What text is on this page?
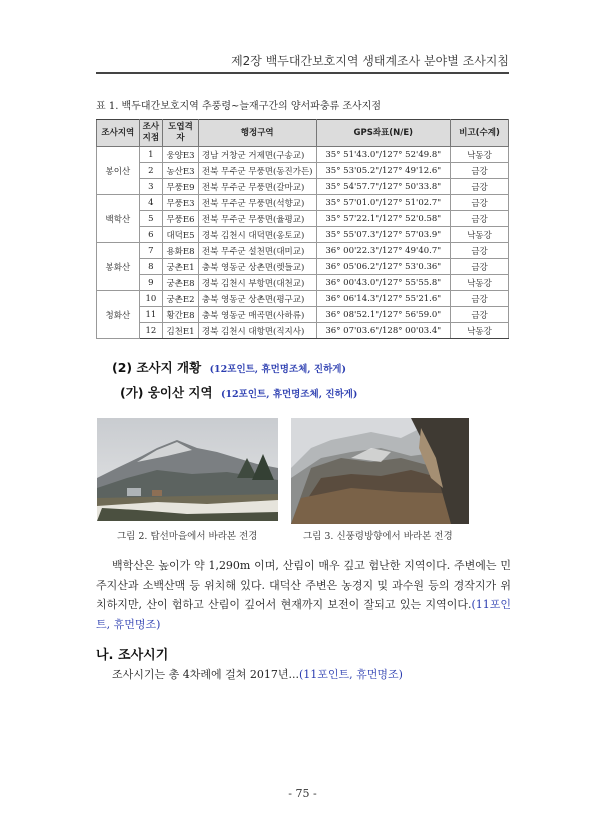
제2장 백두대간보호지역 생태계조사 분야별 조사지침
표 1. 백두대간보호지역 추풍령~늘재구간의 양서파충류 조사지점
조사지역	조사지점	도엽격자	행정구역	GPS좌표(N/E)	비고(수계)
봉이산	1	웅양E3	경남 거창군 거제면(구송교)	35° 51'43.0"/127° 52'49.8"	낙동강
	2	농산E3	전북 무주군 무풍면(동진가든)	35° 53'05.2"/127° 49'12.6"	금강
	3	무풍E9	전북 무주군 무풍면(갈마교)	35° 54'57.7"/127° 50'33.8"	금강
백학산	4	무풍E3	전북 무주군 무풍면(석향교)	35° 57'01.0"/127° 51'02.7"	금강
	5	무풍E6	전북 무주군 무풍면(율평교)	35° 57'22.1"/127° 52'0.58"	금강
	6	대덕E5	경북 김천시 대덕면(옹토교)	35° 55'07.3"/127° 57'03.9"	낙동강
봉화산	7	용화E8	전북 무주군 설천면(대미교)	36° 00'22.3"/127° 49'40.7"	금강
	8	궁촌E1	충북 영동군 상촌면(렛들교)	36° 05'06.2"/127° 53'0.36"	금강
	9	궁촌E8	경북 김천시 부항면(대천교)	36° 00'43.0"/127° 55'55.8"	낙동강
청화산	10	궁촌E2	충북 영동군 상촌면(평구교)	36° 06'14.3"/127° 55'21.6"	금강
	11	황간E8	충북 영동군 매곡면(사하류)	36° 08'52.1"/127° 56'59.0"	금강
	12	김천E1	경북 김천시 대항면(직지사)	36° 07'03.6"/128° 00'03.4"	낙동강
(2) 조사지 개황 (12포인트, 휴먼명조체, 진하게)
(가) 웅이산 지역 (12포인트, 휴먼명조체, 진하게)
그림 2. 탑선마을에서 바라본 전경	그림 3. 신풍령방향에서 바라본 전경
백학산은 높이가 약 1,290m 이며, 산림이 매우 깊고 험난한 지역이다. 주변에는 민주지산과 소백산맥 등 위치해 있다. 대덕산 주변은 농경지 및 과수원 등의 경작지가 위치하지만, 산이 험하고 산림이 깊어서 현재까지 보전이 잘되고 있는 지역이다.(11포인트, 휴먼명조)
나. 조사시기
조사시기는 총 4차례에 걸쳐 2017년...(11포인트, 휴먼명조)
- 75 -
